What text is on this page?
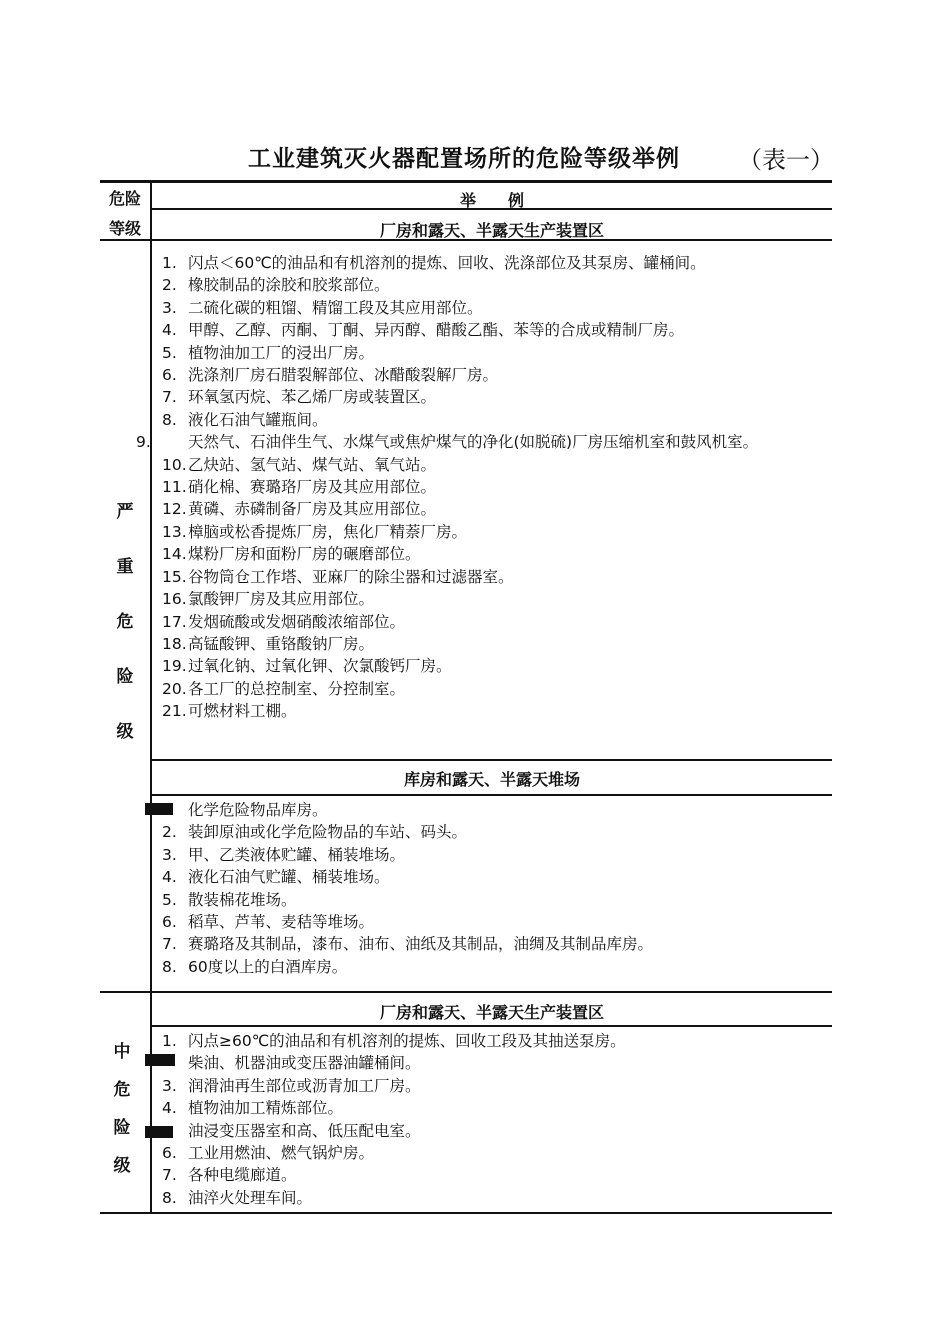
工业建筑灭火器配置场所的危险等级举例 （表一）
危险
等级
举　　例
严
重
危
险
级
厂房和露天、半露天生产装置区
1. 闪点＜60℃的油品和有机溶剂的提炼、回收、洗涤部位及其泵房、罐桶间。
2. 橡胶制品的涂胶和胶浆部位。
3. 二硫化碳的粗馏、精馏工段及其应用部位。
4. 甲醇、乙醇、丙酮、丁酮、异丙醇、醋酸乙酯、苯等的合成或精制厂房。
5. 植物油加工厂的浸出厂房。
6. 洗涤剂厂房石腊裂解部位、冰醋酸裂解厂房。
7. 环氧氢丙烷、苯乙烯厂房或装置区。
8. 液化石油气罐瓶间。
9. 天然气、石油伴生气、水煤气或焦炉煤气的净化(如脱硫)厂房压缩机室和鼓风机室。
10.乙炔站、氢气站、煤气站、氧气站。
11.硝化棉、赛璐珞厂房及其应用部位。
12.黄磷、赤磷制备厂房及其应用部位。
13.樟脑或松香提炼厂房，焦化厂精萘厂房。
14.煤粉厂房和面粉厂房的碾磨部位。
15.谷物筒仓工作塔、亚麻厂的除尘器和过滤器室。
16.氯酸钾厂房及其应用部位。
17.发烟硫酸或发烟硝酸浓缩部位。
18.高锰酸钾、重铬酸钠厂房。
19.过氧化钠、过氧化钾、次氯酸钙厂房。
20.各工厂的总控制室、分控制室。
21.可燃材料工棚。
库房和露天、半露天堆场
化学危险物品库房。
2. 装卸原油或化学危险物品的车站、码头。
3. 甲、乙类液体贮罐、桶装堆场。
4. 液化石油气贮罐、桶装堆场。
5. 散装棉花堆场。
6. 稻草、芦苇、麦秸等堆场。
7. 赛璐珞及其制品，漆布、油布、油纸及其制品，油绸及其制品库房。
8. 60度以上的白酒库房。
中
危
险
级
厂房和露天、半露天生产装置区
1. 闪点≥60℃的油品和有机溶剂的提炼、回收工段及其抽送泵房。
柴油、机器油或变压器油罐桶间。
3. 润滑油再生部位或沥青加工厂房。
4. 植物油加工精炼部位。
油浸变压器室和高、低压配电室。
6. 工业用燃油、燃气锅炉房。
7. 各种电缆廊道。
8. 油淬火处理车间。
